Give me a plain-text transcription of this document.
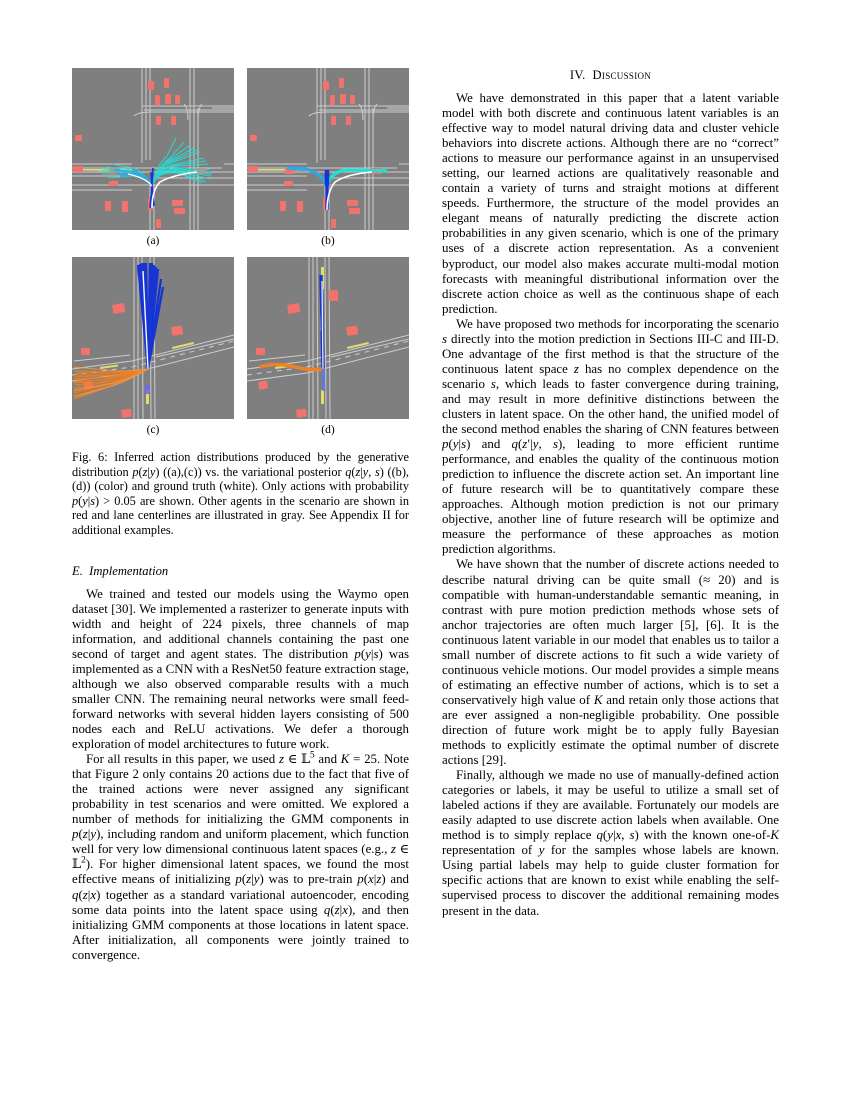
(a)	(b)
(c)	(d)
Fig. 6: Inferred action distributions produced by the generative distribution p(z|y) ((a),(c)) vs. the variational posterior q(z|y, s) ((b),(d)) (color) and ground truth (white). Only actions with probability p(y|s) > 0.05 are shown. Other agents in the scenario are shown in red and lane centerlines are illustrated in gray. See Appendix II for additional examples.
E. Implementation

We trained and tested our models using the Waymo open dataset [30]. We implemented a rasterizer to generate inputs with width and height of 224 pixels, three channels of map information, and additional channels containing the past one second of target and agent states. The distribution p(y|s) was implemented as a CNN with a ResNet50 feature extraction stage, although we also observed comparable results with a much smaller CNN. The remaining neural networks were small feed-forward networks with several hidden layers consisting of 500 nodes each and ReLU activations. We defer a thorough exploration of model architectures to future work.

For all results in this paper, we used z ∈ 𝕃$^5$ and K = 25. Note that Figure 2 only contains 20 actions due to the fact that five of the trained actions were never assigned any significant probability in test scenarios and were omitted. We explored a number of methods for initializing the GMM components in p(z|y), including random and uniform placement, which function well for very low dimensional continuous latent spaces (e.g., z ∈ 𝕃$^2$). For higher dimensional latent spaces, we found the most effective means of initializing p(z|y) was to pre-train p(x|z) and q(z|x) together as a standard variational autoencoder, encoding some data points into the latent space using q(z|x), and then initializing GMM components at those locations in latent space. After initialization, all components were jointly trained to convergence.

IV. Discussion

We have demonstrated in this paper that a latent variable model with both discrete and continuous latent variables is an effective way to model natural driving data and cluster vehicle behaviors into discrete actions. Although there are no “correct” actions to measure our performance against in an unsupervised setting, our learned actions are qualitatively reasonable and contain a variety of turns and straight motions at different speeds. Furthermore, the structure of the model provides an elegant means of naturally predicting the discrete action probabilities in any given scenario, which is one of the primary uses of a discrete action representation. As a convenient byproduct, our model also makes accurate multi-modal motion forecasts with meaningful distributional information over the discrete action choice as well as the continuous shape of each prediction.

We have proposed two methods for incorporating the scenario s directly into the motion prediction in Sections III-C and III-D. One advantage of the first method is that the structure of the continuous latent space z has no complex dependence on the scenario s, which leads to faster convergence during training, and may result in more definitive distinctions between the clusters in latent space. On the other hand, the unified model of the second method enables the sharing of CNN features between p(y|s) and q(z′|y, s), leading to more efficient runtime performance, and enables the quality of the continuous motion prediction to influence the discrete action set. An important line of future research will be to quantitatively compare these approaches. Although motion prediction is not our primary objective, another line of future research will be optimize and measure the performance of these approaches as motion prediction algorithms.

We have shown that the number of discrete actions needed to describe natural driving can be quite small (≈ 20) and is compatible with human-understandable semantic meaning, in contrast with pure motion prediction methods whose sets of anchor trajectories are often much larger [5], [6]. It is the continuous latent variable in our model that enables us to tailor a small number of discrete actions to fit such a wide variety of continuous vehicle motions. Our model provides a simple means of estimating an effective number of actions, which is to set a conservatively high value of K and retain only those actions that are ever assigned a non-negligible probability. One possible direction of future work might be to apply fully Bayesian methods to explicitly estimate the optimal number of discrete actions [29].

Finally, although we made no use of manually-defined action categories or labels, it may be useful to utilize a small set of labeled actions if they are available. Fortunately our models are easily adapted to use discrete action labels when available. One method is to simply replace q(y|x, s) with the known one-of-K representation of y for the samples whose labels are known. Using partial labels may help to guide cluster formation for specific actions that are known to exist while enabling the self-supervised process to discover the additional remaining modes present in the data.
